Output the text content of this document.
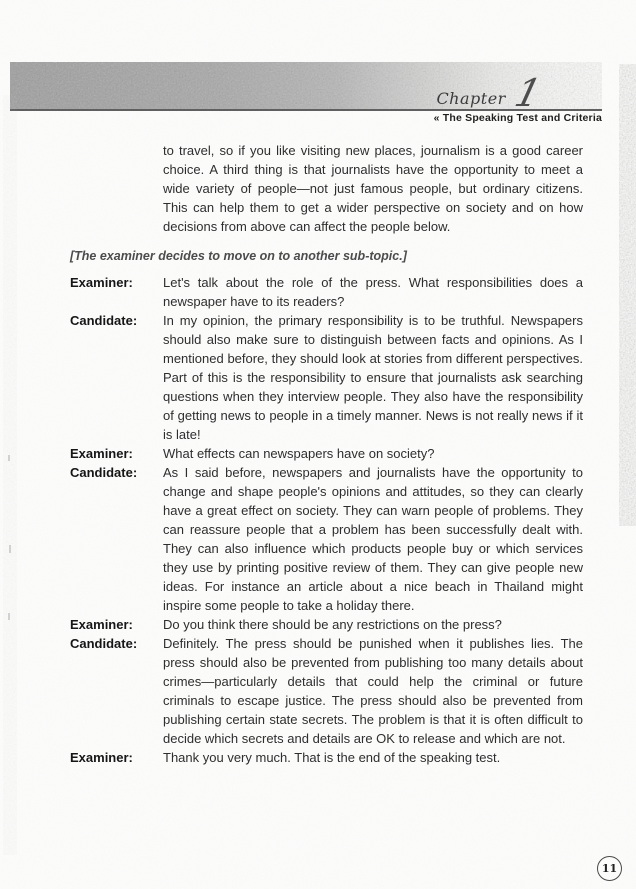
Chapter 1
« The Speaking Test and Criteria

to travel, so if you like visiting new places, journalism is a good career choice. A third thing is that journalists have the opportunity to meet a wide variety of people—not just famous people, but ordinary citizens. This can help them to get a wider perspective on society and on how decisions from above can affect the people below.

[The examiner decides to move on to another sub-topic.]

Examiner:	Let's talk about the role of the press. What responsibilities does a newspaper have to its readers?
Candidate:	In my opinion, the primary responsibility is to be truthful. Newspapers should also make sure to distinguish between facts and opinions. As I mentioned before, they should look at stories from different perspectives. Part of this is the responsibility to ensure that journalists ask searching questions when they interview people. They also have the responsibility of getting news to people in a timely manner. News is not really news if it is late!
Examiner:	What effects can newspapers have on society?
Candidate:	As I said before, newspapers and journalists have the opportunity to change and shape people's opinions and attitudes, so they can clearly have a great effect on society. They can warn people of problems. They can reassure people that a problem has been successfully dealt with. They can also influence which products people buy or which services they use by printing positive review of them. They can give people new ideas. For instance an article about a nice beach in Thailand might inspire some people to take a holiday there.
Examiner:	Do you think there should be any restrictions on the press?
Candidate:	Definitely. The press should be punished when it publishes lies. The press should also be prevented from publishing too many details about crimes—particularly details that could help the criminal or future criminals to escape justice. The press should also be prevented from publishing certain state secrets. The problem is that it is often difficult to decide which secrets and details are OK to release and which are not.
Examiner:	Thank you very much. That is the end of the speaking test.
11
